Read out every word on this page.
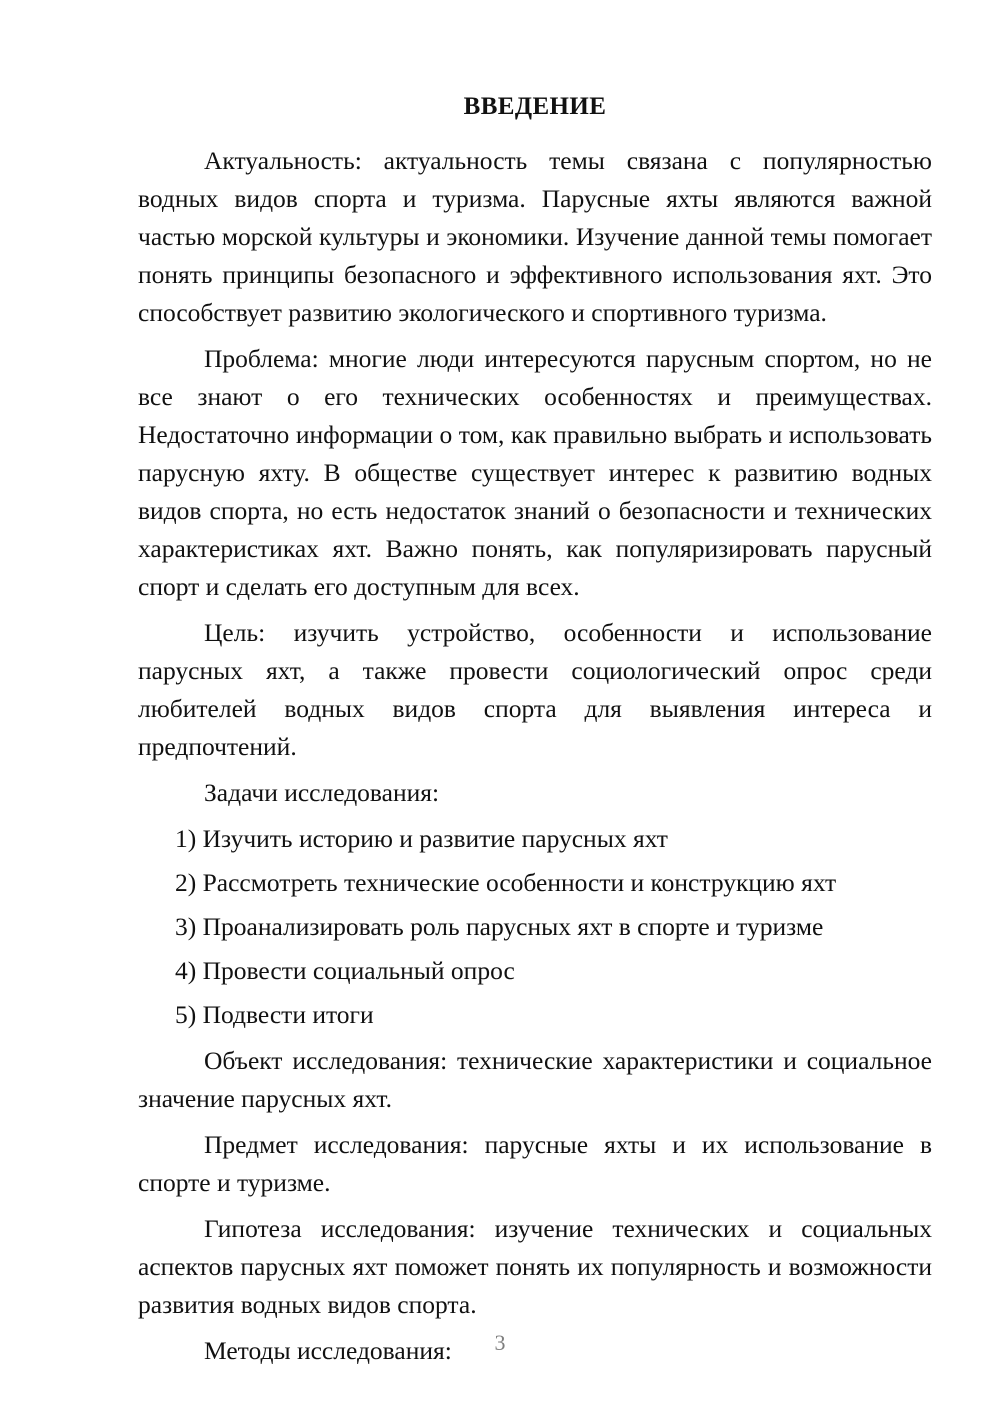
ВВЕДЕНИЕ

Актуальность: актуальность темы связана с популярностью водных видов спорта и туризма. Парусные яхты являются важной частью морской культуры и экономики. Изучение данной темы помогает понять принципы безопасного и эффективного использования яхт. Это способствует развитию экологического и спортивного туризма.

Проблема: многие люди интересуются парусным спортом, но не все знают о его технических особенностях и преимуществах. Недостаточно информации о том, как правильно выбрать и использовать парусную яхту. В обществе существует интерес к развитию водных видов спорта, но есть недостаток знаний о безопасности и технических характеристиках яхт. Важно понять, как популяризировать парусный спорт и сделать его доступным для всех.

Цель: изучить устройство, особенности и использование парусных яхт, а также провести социологический опрос среди любителей водных видов спорта для выявления интереса и предпочтений.

Задачи исследования:

1) Изучить историю и развитие парусных яхт
2) Рассмотреть технические особенности и конструкцию яхт
3) Проанализировать роль парусных яхт в спорте и туризме
4) Провести социальный опрос
5) Подвести итоги

Объект исследования: технические характеристики и социальное значение парусных яхт.

Предмет исследования: парусные яхты и их использование в спорте и туризме.

Гипотеза исследования: изучение технических и социальных аспектов парусных яхт поможет понять их популярность и возможности развития водных видов спорта.

Методы исследования:	3
